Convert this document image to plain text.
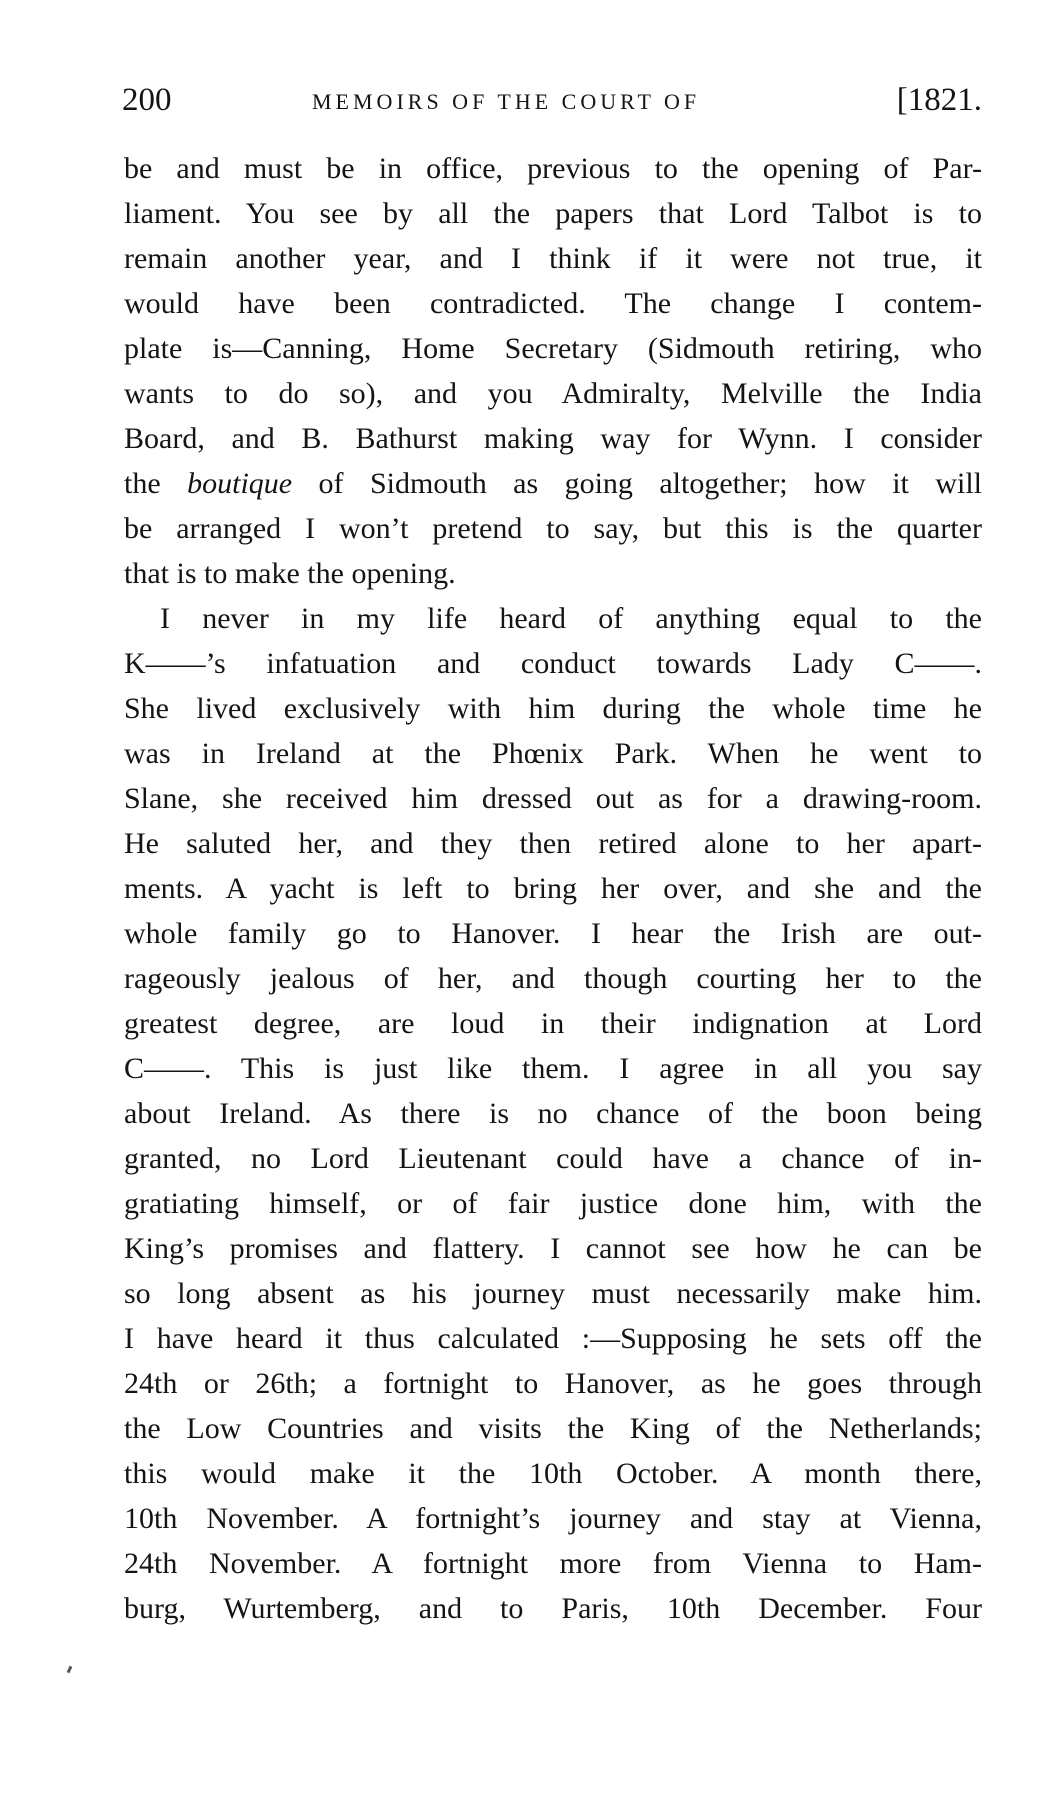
200	MEMOIRS OF THE COURT OF	[1821.
be and must be in office, previous to the opening of Par-
liament. You see by all the papers that Lord Talbot is to
remain another year, and I think if it were not true, it
would have been contradicted. The change I contem-
plate is—Canning, Home Secretary (Sidmouth retiring, who
wants to do so), and you Admiralty, Melville the India
Board, and B. Bathurst making way for Wynn. I consider
the boutique of Sidmouth as going altogether; how it will
be arranged I won’t pretend to say, but this is the quarter
that is to make the opening.
I never in my life heard of anything equal to the
K——’s infatuation and conduct towards Lady C——.
She lived exclusively with him during the whole time he
was in Ireland at the Phœnix Park. When he went to
Slane, she received him dressed out as for a drawing-room.
He saluted her, and they then retired alone to her apart-
ments. A yacht is left to bring her over, and she and the
whole family go to Hanover. I hear the Irish are out-
rageously jealous of her, and though courting her to the
greatest degree, are loud in their indignation at Lord
C——. This is just like them. I agree in all you say
about Ireland. As there is no chance of the boon being
granted, no Lord Lieutenant could have a chance of in-
gratiating himself, or of fair justice done him, with the
King’s promises and flattery. I cannot see how he can be
so long absent as his journey must necessarily make him.
I have heard it thus calculated :—Supposing he sets off the
24th or 26th; a fortnight to Hanover, as he goes through
the Low Countries and visits the King of the Netherlands;
this would make it the 10th October. A month there,
10th November. A fortnight’s journey and stay at Vienna,
24th November. A fortnight more from Vienna to Ham-
burg, Wurtemberg, and to Paris, 10th December. Four
